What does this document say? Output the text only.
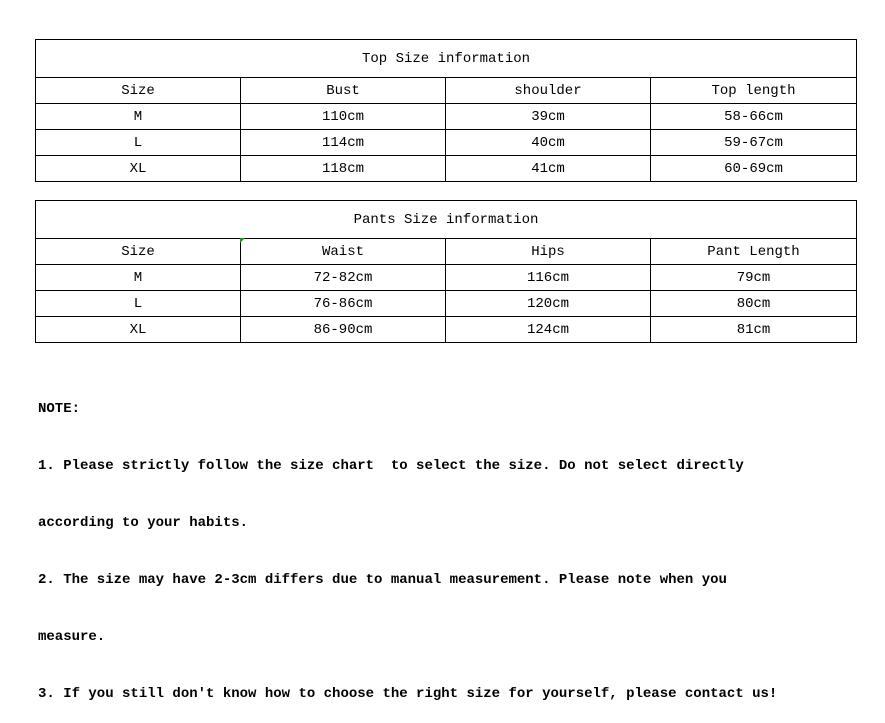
Top Size information			
Size	Bust	shoulder	Top length
M	110cm	39cm	58-66cm
L	114cm	40cm	59-67cm
XL	118cm	41cm	60-69cm
Pants Size information			
Size	Waist	Hips	Pant Length
M	72-82cm	116cm	79cm
L	76-86cm	120cm	80cm
XL	86-90cm	124cm	81cm

NOTE:

1. Please strictly follow the size chart  to select the size. Do not select directly

according to your habits.

2. The size may have 2-3cm differs due to manual measurement. Please note when you

measure.

3. If you still don't know how to choose the right size for yourself, please contact us!
